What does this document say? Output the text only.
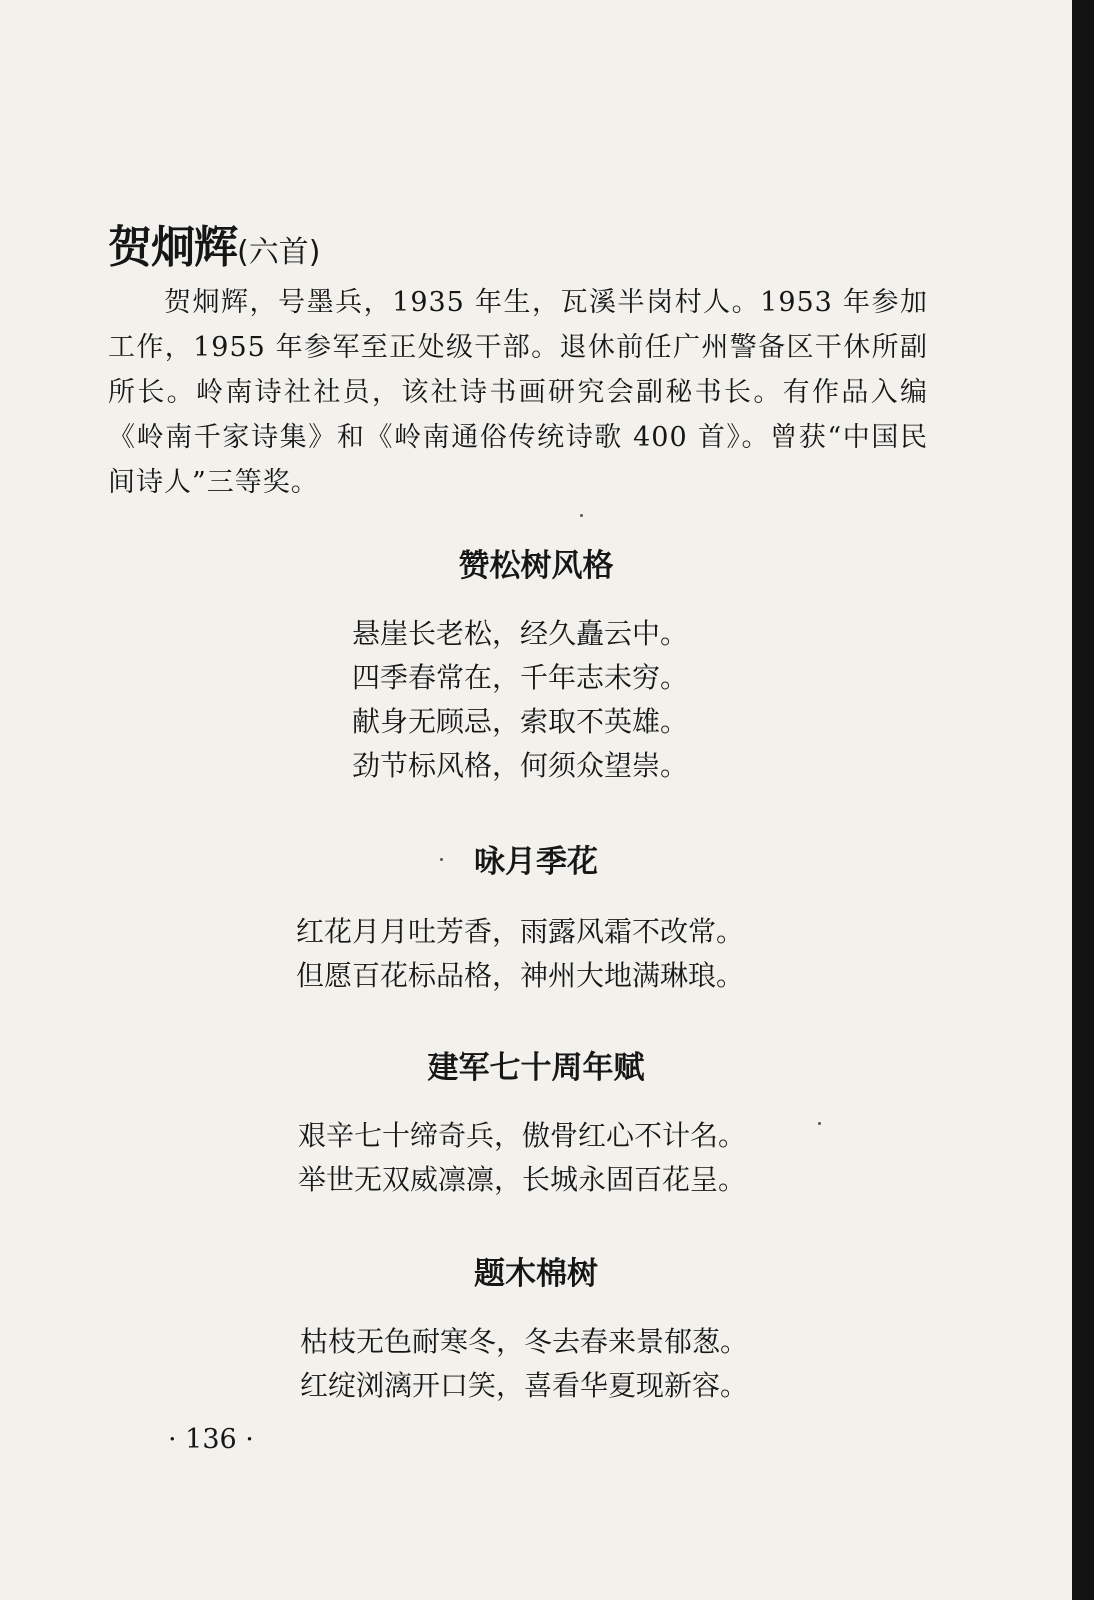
贺炯辉(六首)

贺炯辉，号墨兵，1935 年生，瓦溪半岗村人。1953 年参加工作，1955 年参军至正处级干部。退休前任广州警备区干休所副所长。岭南诗社社员，该社诗书画研究会副秘书长。有作品入编《岭南千家诗集》和《岭南通俗传统诗歌 400 首》。曾获“中国民间诗人”三等奖。

赞松树风格
悬崖长老松，经久矗云中。
四季春常在，千年志未穷。
献身无顾忌，索取不英雄。
劲节标风格，何须众望崇。
咏月季花
红花月月吐芳香，雨露风霜不改常。
但愿百花标品格，神州大地满琳琅。
建军七十周年赋
艰辛七十缔奇兵，傲骨红心不计名。
举世无双威凛凛，长城永固百花呈。
题木棉树
枯枝无色耐寒冬，冬去春来景郁葱。
红绽浏漓开口笑，喜看华夏现新容。
· 136 ·
